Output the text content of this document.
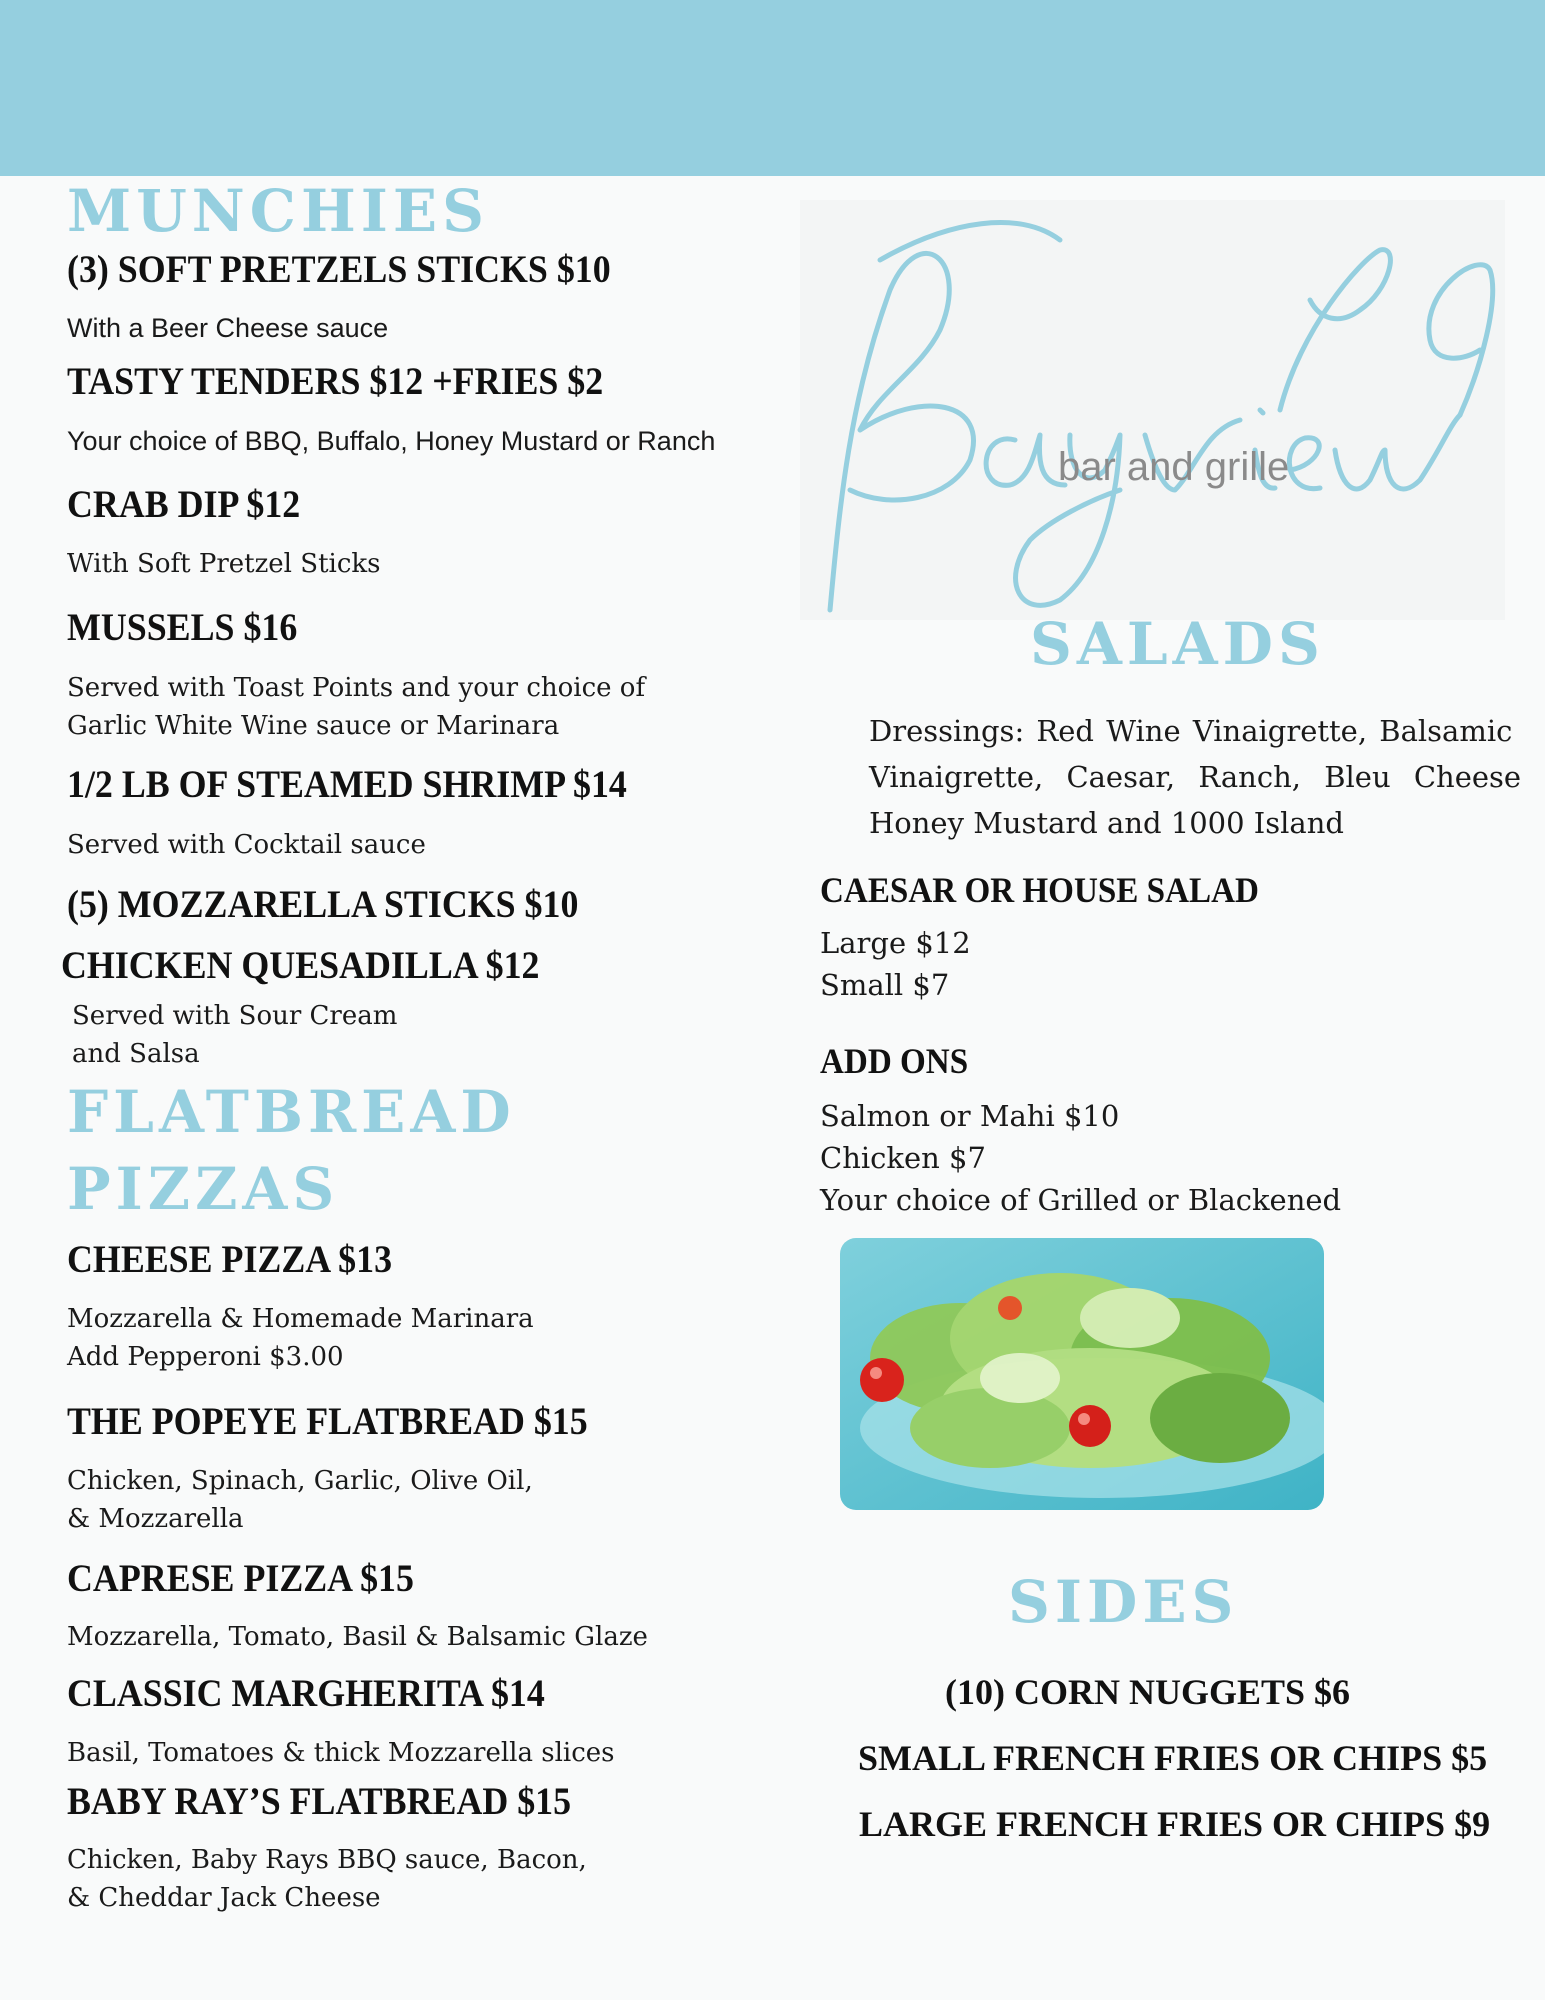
bar and grille
MUNCHIES
(3) SOFT PRETZELS STICKS $10
With a Beer Cheese sauce
TASTY TENDERS $12 +FRIES $2
Your choice of BBQ, Buffalo, Honey Mustard or Ranch
CRAB DIP $12
With Soft Pretzel Sticks
MUSSELS $16
Served with Toast Points and your choice of
Garlic White Wine sauce or Marinara
1/2 LB OF STEAMED SHRIMP $14
Served with Cocktail sauce
(5) MOZZARELLA STICKS $10
CHICKEN QUESADILLA $12
Served with Sour Cream
and Salsa
FLATBREAD
PIZZAS
CHEESE PIZZA $13
Mozzarella & Homemade Marinara
Add Pepperoni $3.00
THE POPEYE FLATBREAD $15
Chicken, Spinach, Garlic, Olive Oil,
& Mozzarella
CAPRESE PIZZA $15
Mozzarella, Tomato, Basil & Balsamic Glaze
CLASSIC MARGHERITA $14
Basil, Tomatoes & thick Mozzarella slices
BABY RAY’S FLATBREAD $15
Chicken, Baby Rays BBQ sauce, Bacon,
& Cheddar Jack Cheese
SALADS
Dressings: Red Wine Vinaigrette, Balsamic
Vinaigrette, Caesar, Ranch, Bleu Cheese
Honey Mustard and 1000 Island
CAESAR OR HOUSE SALAD
Large $12
Small $7
ADD ONS
Salmon or Mahi $10
Chicken $7
Your choice of Grilled or Blackened
SIDES
(10) CORN NUGGETS $6
SMALL FRENCH FRIES OR CHIPS $5
LARGE FRENCH FRIES OR CHIPS $9
